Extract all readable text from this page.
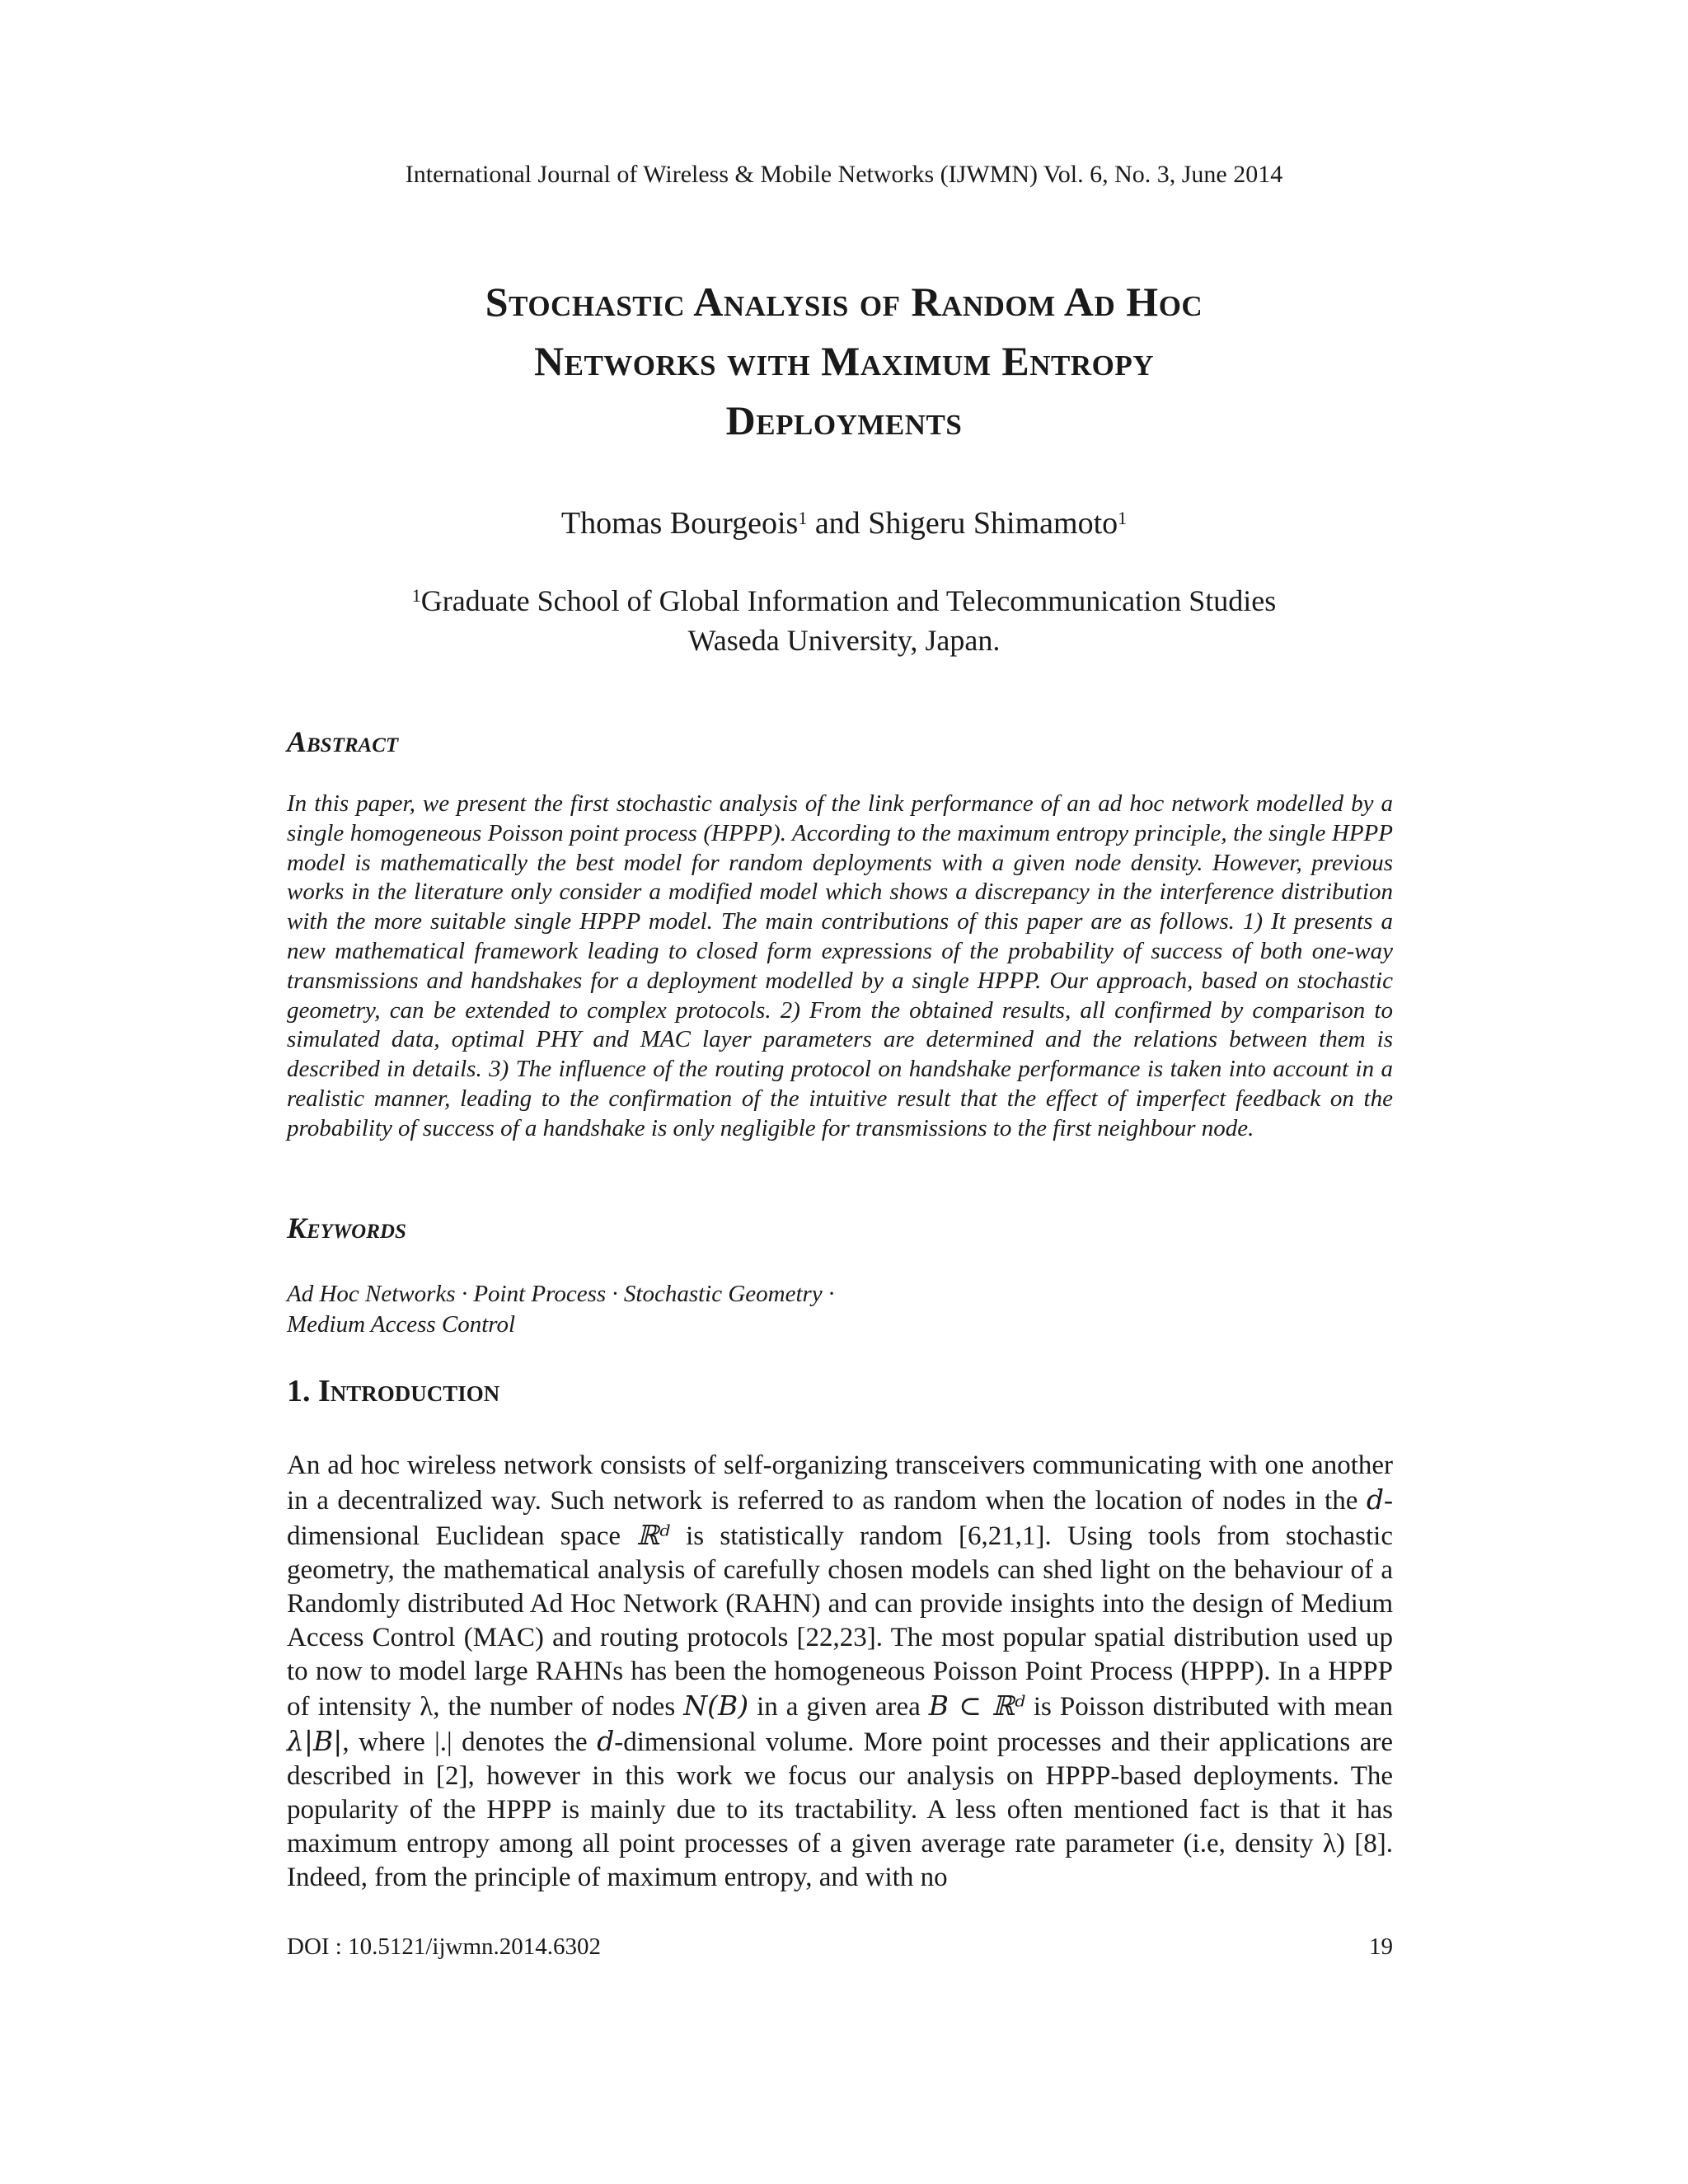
International Journal of Wireless & Mobile Networks (IJWMN) Vol. 6, No. 3, June 2014
Stochastic Analysis of Random Ad Hoc
Networks with Maximum Entropy
Deployments
Thomas Bourgeois$^1$ and Shigeru Shimamoto$^1$
$^1$Graduate School of Global Information and Telecommunication Studies
Waseda University, Japan.
Abstract

In this paper, we present the first stochastic analysis of the link performance of an ad hoc network modelled by a single homogeneous Poisson point process (HPPP). According to the maximum entropy principle, the single HPPP model is mathematically the best model for random deployments with a given node density. However, previous works in the literature only consider a modified model which shows a discrepancy in the interference distribution with the more suitable single HPPP model. The main contributions of this paper are as follows. 1) It presents a new mathematical framework leading to closed form expressions of the probability of success of both one-way transmissions and handshakes for a deployment modelled by a single HPPP. Our approach, based on stochastic geometry, can be extended to complex protocols. 2) From the obtained results, all confirmed by comparison to simulated data, optimal PHY and MAC layer parameters are determined and the relations between them is described in details. 3) The influence of the routing protocol on handshake performance is taken into account in a realistic manner, leading to the confirmation of the intuitive result that the effect of imperfect feedback on the probability of success of a handshake is only negligible for transmissions to the first neighbour node.

Keywords
Ad Hoc Networks · Point Process · Stochastic Geometry ·
Medium Access Control
1. Introduction

An ad hoc wireless network consists of self-organizing transceivers communicating with one another in a decentralized way. Such network is referred to as random when the location of nodes in the d-dimensional Euclidean space ℝᵈ is statistically random [6,21,1]. Using tools from stochastic geometry, the mathematical analysis of carefully chosen models can shed light on the behaviour of a Randomly distributed Ad Hoc Network (RAHN) and can provide insights into the design of Medium Access Control (MAC) and routing protocols [22,23]. The most popular spatial distribution used up to now to model large RAHNs has been the homogeneous Poisson Point Process (HPPP). In a HPPP of intensity λ, the number of nodes N(B) in a given area B ⊂ ℝᵈ is Poisson distributed with mean λ|B|, where |.| denotes the d-dimensional volume. More point processes and their applications are described in [2], however in this work we focus our analysis on HPPP-based deployments. The popularity of the HPPP is mainly due to its tractability. A less often mentioned fact is that it has maximum entropy among all point processes of a given average rate parameter (i.e, density λ) [8]. Indeed, from the principle of maximum entropy, and with no

DOI : 10.5121/ijwmn.2014.6302	19
